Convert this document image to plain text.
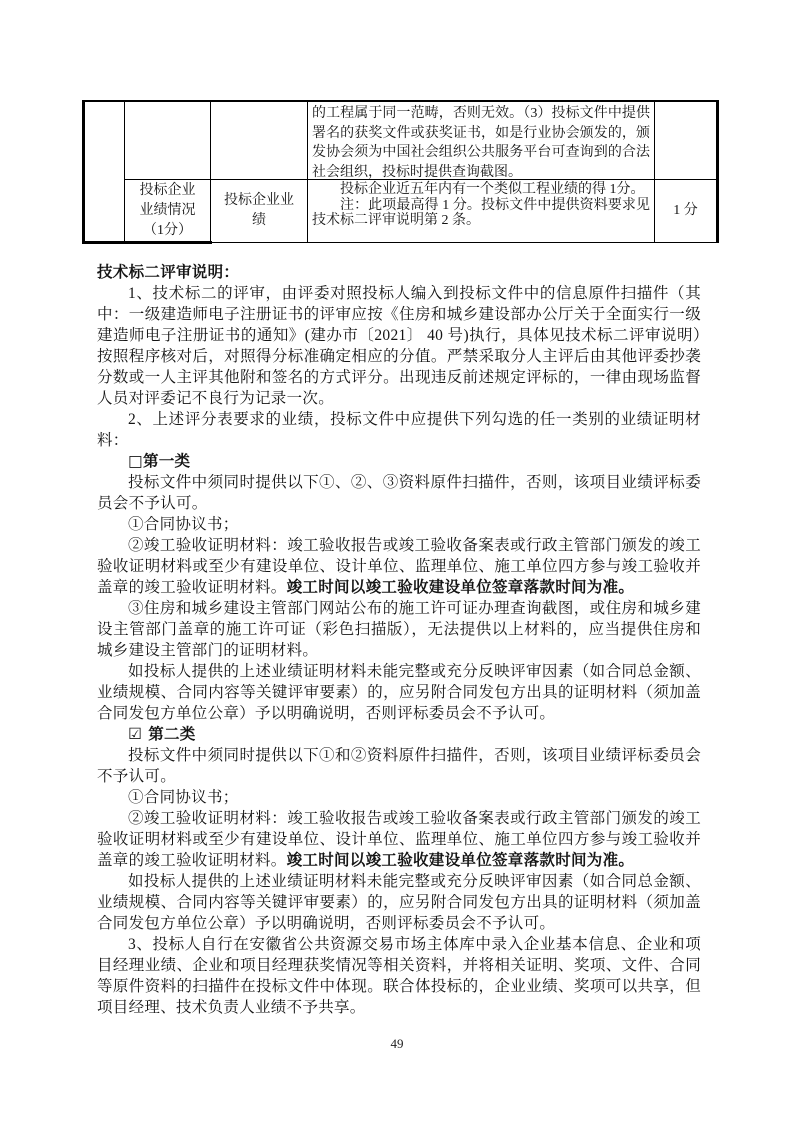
的工程属于同一范畴，否则无效。（3）投标文件中提供署名的获奖文件或获奖证书，如是行业协会颁发的，颁发协会须为中国社会组织公共服务平台可查询到的合法社会组织，投标时提供查询截图。
投标企业业绩情况（1分）
投标企业业绩

投标企业近五年内有一个类似工程业绩的得 1分。

注：此项最高得 1 分。投标文件中提供资料要求见技术标二评审说明第 2 条。

1 分
技术标二评审说明：

1、技术标二的评审，由评委对照投标人编入到投标文件中的信息原件扫描件（其中：一级建造师电子注册证书的评审应按《住房和城乡建设部办公厅关于全面实行一级建造师电子注册证书的通知》(建办市〔2021〕 40 号)执行，具体见技术标二评审说明）按照程序核对后，对照得分标准确定相应的分值。严禁采取分人主评后由其他评委抄袭分数或一人主评其他附和签名的方式评分。出现违反前述规定评标的，一律由现场监督人员对评委记不良行为记录一次。

2、上述评分表要求的业绩，投标文件中应提供下列勾选的任一类别的业绩证明材料：

□第一类

投标文件中须同时提供以下①、②、③资料原件扫描件，否则，该项目业绩评标委员会不予认可。

①合同协议书；

②竣工验收证明材料：竣工验收报告或竣工验收备案表或行政主管部门颁发的竣工验收证明材料或至少有建设单位、设计单位、监理单位、施工单位四方参与竣工验收并盖章的竣工验收证明材料。竣工时间以竣工验收建设单位签章落款时间为准。

③住房和城乡建设主管部门网站公布的施工许可证办理查询截图，或住房和城乡建设主管部门盖章的施工许可证（彩色扫描版），无法提供以上材料的，应当提供住房和城乡建设主管部门的证明材料。

如投标人提供的上述业绩证明材料未能完整或充分反映评审因素（如合同总金额、业绩规模、合同内容等关键评审要素）的，应另附合同发包方出具的证明材料（须加盖合同发包方单位公章）予以明确说明，否则评标委员会不予认可。

☑ 第二类

投标文件中须同时提供以下①和②资料原件扫描件，否则，该项目业绩评标委员会不予认可。

①合同协议书；

②竣工验收证明材料：竣工验收报告或竣工验收备案表或行政主管部门颁发的竣工验收证明材料或至少有建设单位、设计单位、监理单位、施工单位四方参与竣工验收并盖章的竣工验收证明材料。竣工时间以竣工验收建设单位签章落款时间为准。

如投标人提供的上述业绩证明材料未能完整或充分反映评审因素（如合同总金额、业绩规模、合同内容等关键评审要素）的，应另附合同发包方出具的证明材料（须加盖合同发包方单位公章）予以明确说明，否则评标委员会不予认可。

3、投标人自行在安徽省公共资源交易市场主体库中录入企业基本信息、企业和项目经理业绩、企业和项目经理获奖情况等相关资料，并将相关证明、奖项、文件、合同等原件资料的扫描件在投标文件中体现。联合体投标的，企业业绩、奖项可以共享，但项目经理、技术负责人业绩不予共享。

49
